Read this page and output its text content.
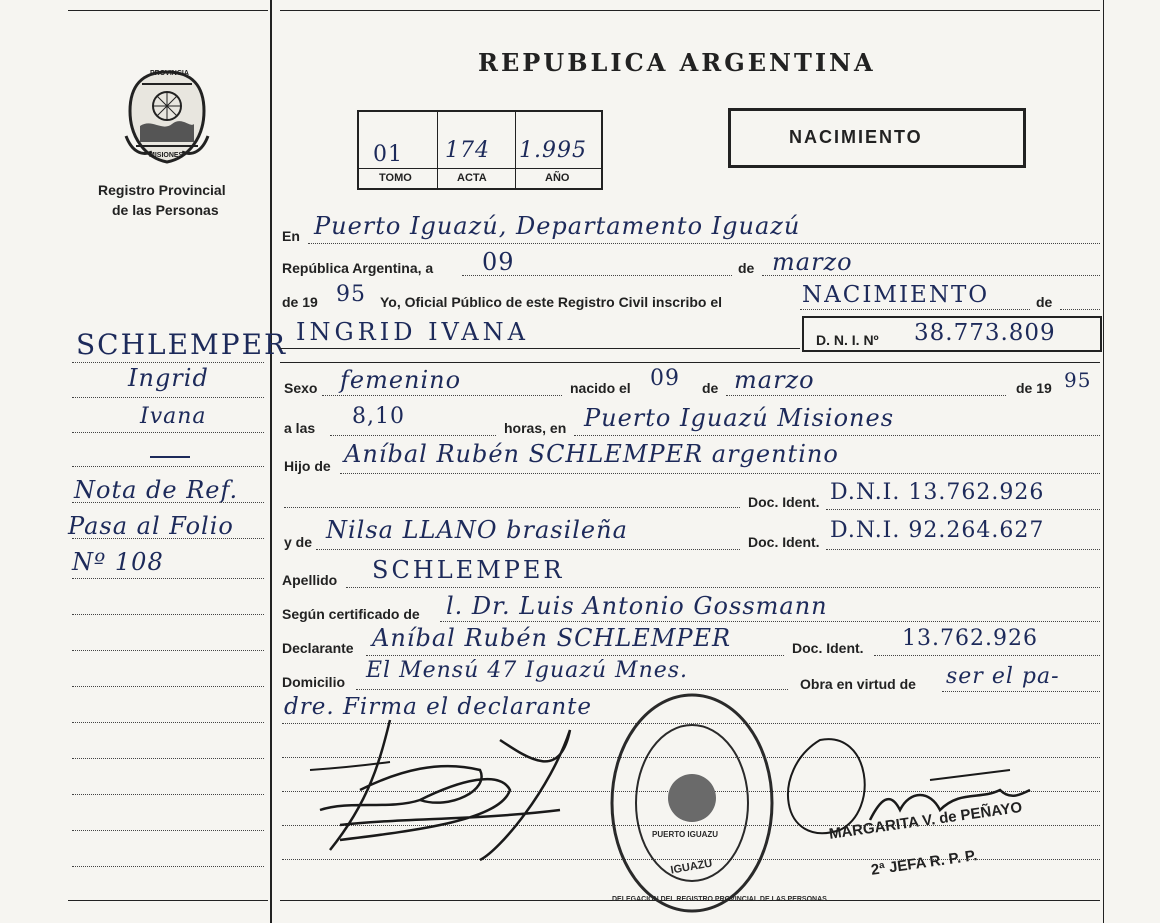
PROVINCIA
MISIONES
Registro Provincial
de las Personas
SCHLEMPER
Ingrid
Ivana
Nota de Ref.
Pasa al Folio
Nº 108
REPUBLICA ARGENTINA
01 174 1.995
TOMO	ACTA	AÑO
NACIMIENTO
En Puerto Iguazú, Departamento Iguazú
República Argentina, a 09	de marzo
de 19 95 Yo, Oficial Público de este Registro Civil inscribo el	NACIMIENTO	de
INGRID IVANA	D. N. I. Nº 38.773.809
Sexo femenino	nacido el 09 de marzo	de 19 95
a las 8,10	horas, en Puerto Iguazú Misiones
Hijo de Aníbal Rubén SCHLEMPER argentino
Doc. Ident. D.N.I. 13.762.926
y de Nilsa LLANO brasileña	Doc. Ident. D.N.I. 92.264.627
Apellido SCHLEMPER
Según certificado de l. Dr. Luis Antonio Gossmann
Declarante Aníbal Rubén SCHLEMPER	Doc. Ident. 13.762.926
Domicilio El Mensú 47 Iguazú Mnes.
Obra en virtud de ser el pa-
dre. Firma el declarante
IGUAZU
DELEGACION DEL REGISTRO PROVINCIAL DE LAS PERSONAS
PUERTO IGUAZU	MARGARITA V. de PEÑAYO
2ª JEFA R. P. P.
